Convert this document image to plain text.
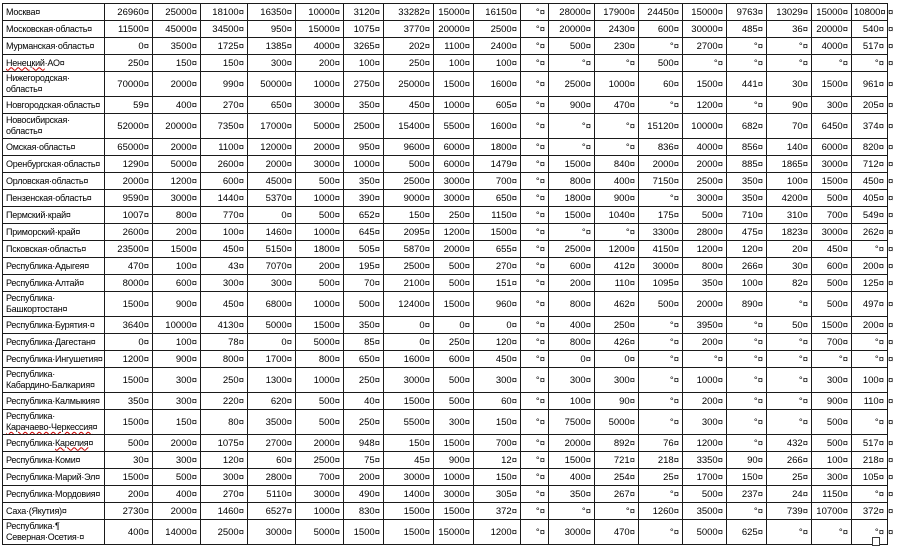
Москва¤	26960¤	25000¤	18100¤	16350¤	10000¤	3120¤	33282¤	15000¤	16150¤	°¤	28000¤	17900¤	24450¤	15000¤	9763¤	13029¤	15000¤	10800¤	¤
Московская·область¤	11500¤	45000¤	34500¤	950¤	15000¤	1075¤	3770¤	20000¤	2500¤	°¤	20000¤	2430¤	600¤	30000¤	485¤	36¤	20000¤	540¤	¤
Мурманская·область¤	0¤	3500¤	1725¤	1385¤	4000¤	3265¤	202¤	1100¤	2400¤	°¤	500¤	230¤	°¤	2700¤	°¤	°¤	4000¤	517¤	¤
Ненецкий·АО¤	250¤	150¤	150¤	300¤	200¤	100¤	250¤	100¤	100¤	°¤	°¤	°¤	500¤	°¤	°¤	°¤	°¤	°¤	¤
Нижегородская·
область¤	70000¤	2000¤	990¤	50000¤	1000¤	2750¤	25000¤	1500¤	1600¤	°¤	2500¤	1000¤	60¤	1500¤	441¤	30¤	1500¤	961¤	¤
Новгородская·область¤	59¤	400¤	270¤	650¤	3000¤	350¤	450¤	1000¤	605¤	°¤	900¤	470¤	°¤	1200¤	°¤	90¤	300¤	205¤	¤
Новосибирская·
область¤	52000¤	20000¤	7350¤	17000¤	5000¤	2500¤	15400¤	5500¤	1600¤	°¤	°¤	°¤	15120¤	10000¤	682¤	70¤	6450¤	374¤	¤
Омская·область¤	65000¤	2000¤	1100¤	12000¤	2000¤	950¤	9600¤	6000¤	1800¤	°¤	°¤	°¤	836¤	4000¤	856¤	140¤	6000¤	820¤	¤
Оренбургская·область¤	1290¤	5000¤	2600¤	2000¤	3000¤	1000¤	500¤	6000¤	1479¤	°¤	1500¤	840¤	2000¤	2000¤	885¤	1865¤	3000¤	712¤	¤
Орловская·область¤	2000¤	1200¤	600¤	4500¤	500¤	350¤	2500¤	3000¤	700¤	°¤	800¤	400¤	7150¤	2500¤	350¤	100¤	1500¤	450¤	¤
Пензенская·область¤	9590¤	3000¤	1440¤	5370¤	1000¤	390¤	9000¤	3000¤	650¤	°¤	1800¤	900¤	°¤	3000¤	350¤	4200¤	500¤	405¤	¤
Пермский·край¤	1007¤	800¤	770¤	0¤	500¤	652¤	150¤	250¤	1150¤	°¤	1500¤	1040¤	175¤	500¤	710¤	310¤	700¤	549¤	¤
Приморский·край¤	2600¤	200¤	100¤	1460¤	1000¤	645¤	2095¤	1200¤	1500¤	°¤	°¤	°¤	3300¤	2800¤	475¤	1823¤	3000¤	262¤	¤
Псковская·область¤	23500¤	1500¤	450¤	5150¤	1800¤	505¤	5870¤	2000¤	655¤	°¤	2500¤	1200¤	4150¤	1200¤	120¤	20¤	450¤	°¤	¤
Республика·Адыгея¤	470¤	100¤	43¤	7070¤	200¤	195¤	2500¤	500¤	270¤	°¤	600¤	412¤	3000¤	800¤	266¤	30¤	600¤	200¤	¤
Республика·Алтай¤	8000¤	600¤	300¤	300¤	500¤	70¤	2100¤	500¤	151¤	°¤	200¤	110¤	1095¤	350¤	100¤	82¤	500¤	125¤	¤
Республика·
Башкортостан¤	1500¤	900¤	450¤	6800¤	1000¤	500¤	12400¤	1500¤	960¤	°¤	800¤	462¤	500¤	2000¤	890¤	°¤	500¤	497¤	¤
Республика·Бурятия·¤	3640¤	10000¤	4130¤	5000¤	1500¤	350¤	0¤	0¤	0¤	°¤	400¤	250¤	°¤	3950¤	°¤	50¤	1500¤	200¤	¤
Республика·Дагестан¤	0¤	100¤	78¤	0¤	5000¤	85¤	0¤	250¤	120¤	°¤	800¤	426¤	°¤	200¤	°¤	°¤	700¤	°¤	¤
Республика·Ингушетия¤	1200¤	900¤	800¤	1700¤	800¤	650¤	1600¤	600¤	450¤	°¤	0¤	0¤	°¤	°¤	°¤	°¤	°¤	°¤	¤
Республика·
Кабардино-Балкария¤	1500¤	300¤	250¤	1300¤	1000¤	250¤	3000¤	500¤	300¤	°¤	300¤	300¤	°¤	1000¤	°¤	°¤	300¤	100¤	¤
Республика·Калмыкия¤	350¤	300¤	220¤	620¤	500¤	40¤	1500¤	500¤	60¤	°¤	100¤	90¤	°¤	200¤	°¤	°¤	900¤	110¤	¤
Республика·
Карачаево-Черкессия¤	1500¤	150¤	80¤	3500¤	500¤	250¤	5500¤	300¤	150¤	°¤	7500¤	5000¤	°¤	300¤	°¤	°¤	500¤	°¤	¤
Республика·Карелия¤	500¤	2000¤	1075¤	2700¤	2000¤	948¤	150¤	1500¤	700¤	°¤	2000¤	892¤	76¤	1200¤	°¤	432¤	500¤	517¤	¤
Республика·Коми¤	30¤	300¤	120¤	60¤	2500¤	75¤	45¤	900¤	12¤	°¤	1500¤	721¤	218¤	3350¤	90¤	266¤	100¤	218¤	¤
Республика·Марий·Эл¤	1500¤	500¤	300¤	2800¤	700¤	200¤	3000¤	1000¤	150¤	°¤	400¤	254¤	25¤	1700¤	150¤	25¤	300¤	105¤	¤
Республика·Мордовия¤	200¤	400¤	270¤	5110¤	3000¤	490¤	1400¤	3000¤	305¤	°¤	350¤	267¤	°¤	500¤	237¤	24¤	1150¤	°¤	¤
Саха·(Якутия)¤	2730¤	2000¤	1460¤	6527¤	1000¤	830¤	1500¤	1500¤	372¤	°¤	°¤	°¤	1260¤	3500¤	°¤	739¤	10700¤	372¤	¤
Республика·¶
Северная·Осетия·¤	400¤	14000¤	2500¤	3000¤	5000¤	1500¤	1500¤	15000¤	1200¤	°¤	3000¤	470¤	°¤	5000¤	625¤	°¤	°¤	°¤	¤
